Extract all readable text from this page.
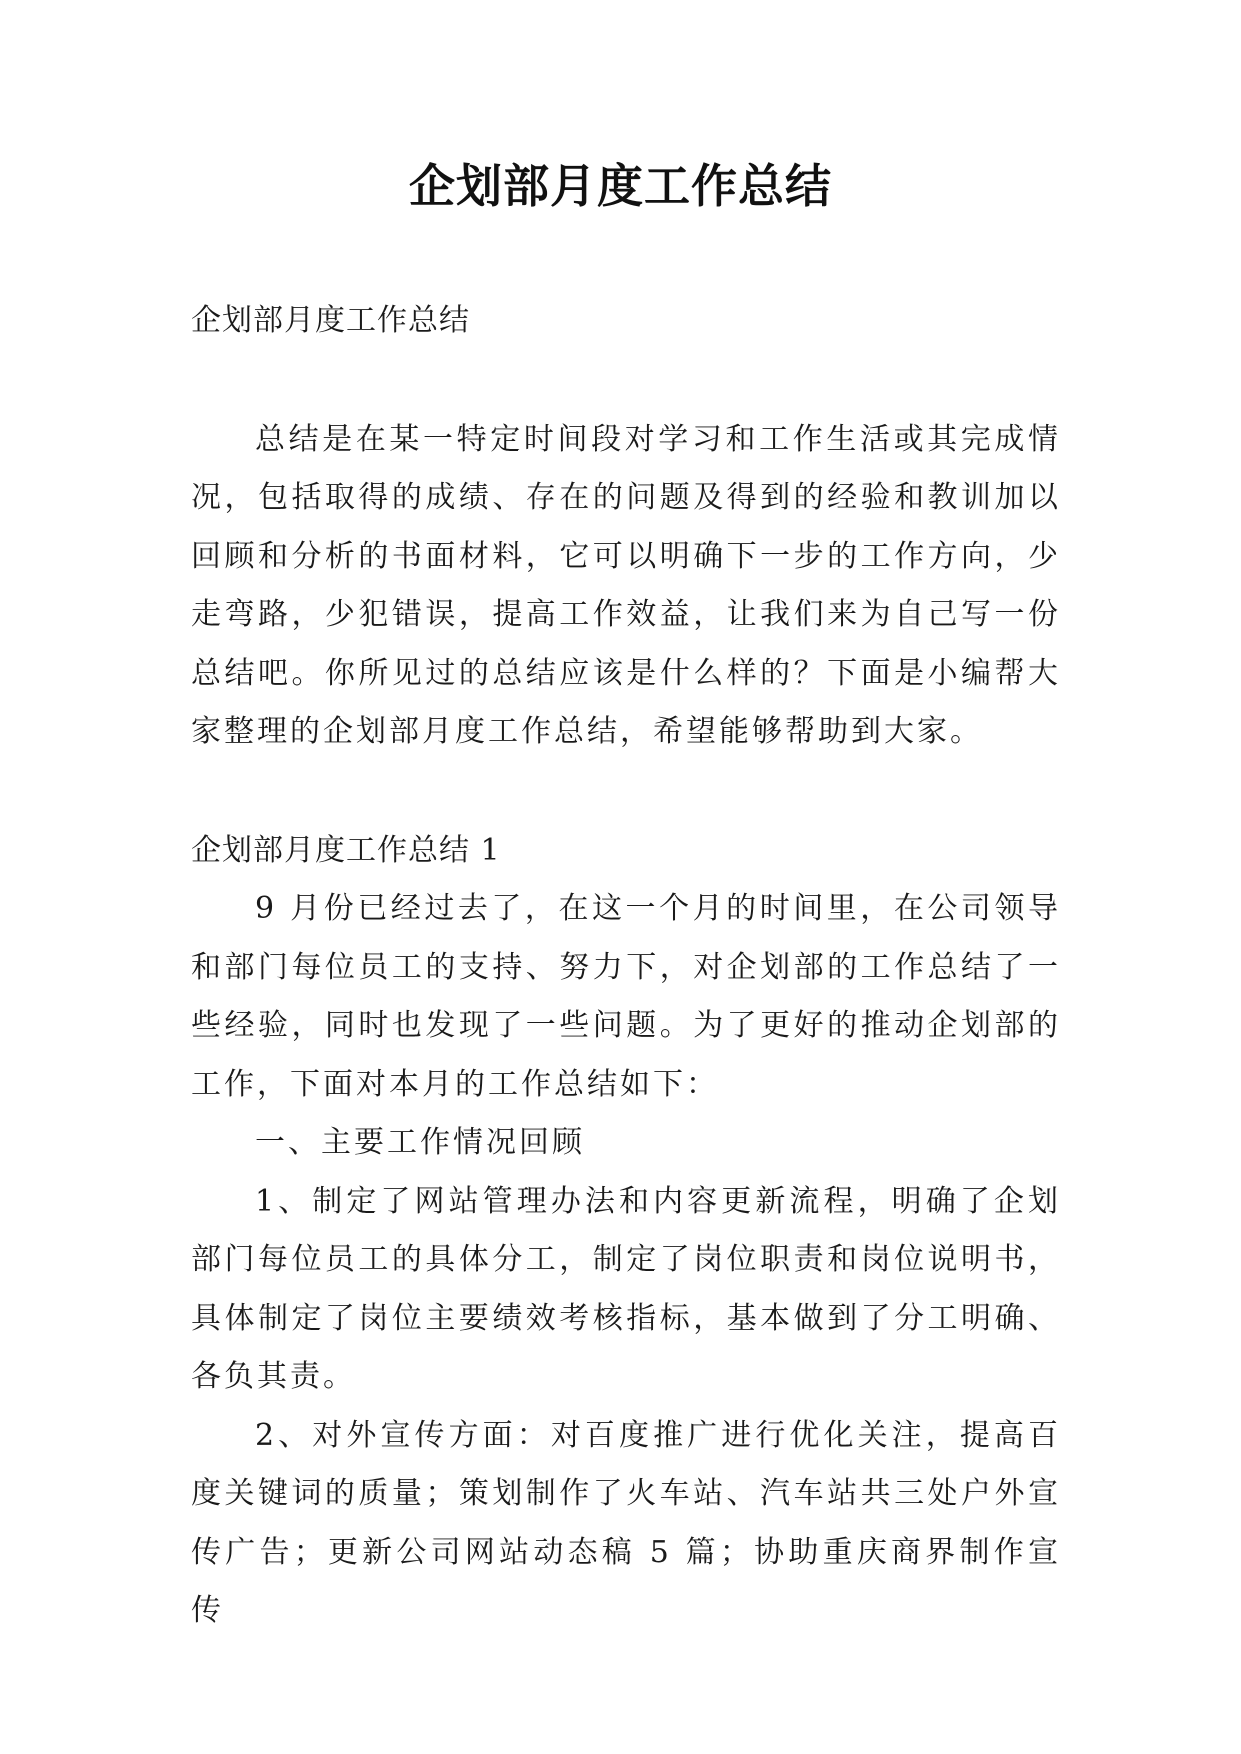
企划部月度工作总结

企划部月度工作总结

总结是在某一特定时间段对学习和工作生活或其完成情况，包括取得的成绩、存在的问题及得到的经验和教训加以回顾和分析的书面材料，它可以明确下一步的工作方向，少走弯路，少犯错误，提高工作效益，让我们来为自己写一份总结吧。你所见过的总结应该是什么样的？下面是小编帮大家整理的企划部月度工作总结，希望能够帮助到大家。

企划部月度工作总结 1

9 月份已经过去了，在这一个月的时间里，在公司领导和部门每位员工的支持、努力下，对企划部的工作总结了一些经验，同时也发现了一些问题。为了更好的推动企划部的工作，下面对本月的工作总结如下：

一、主要工作情况回顾

1、制定了网站管理办法和内容更新流程，明确了企划部门每位员工的具体分工，制定了岗位职责和岗位说明书，具体制定了岗位主要绩效考核指标，基本做到了分工明确、各负其责。

2、对外宣传方面：对百度推广进行优化关注，提高百度关键词的质量；策划制作了火车站、汽车站共三处户外宣传广告；更新公司网站动态稿 5 篇；协助重庆商界制作宣传
